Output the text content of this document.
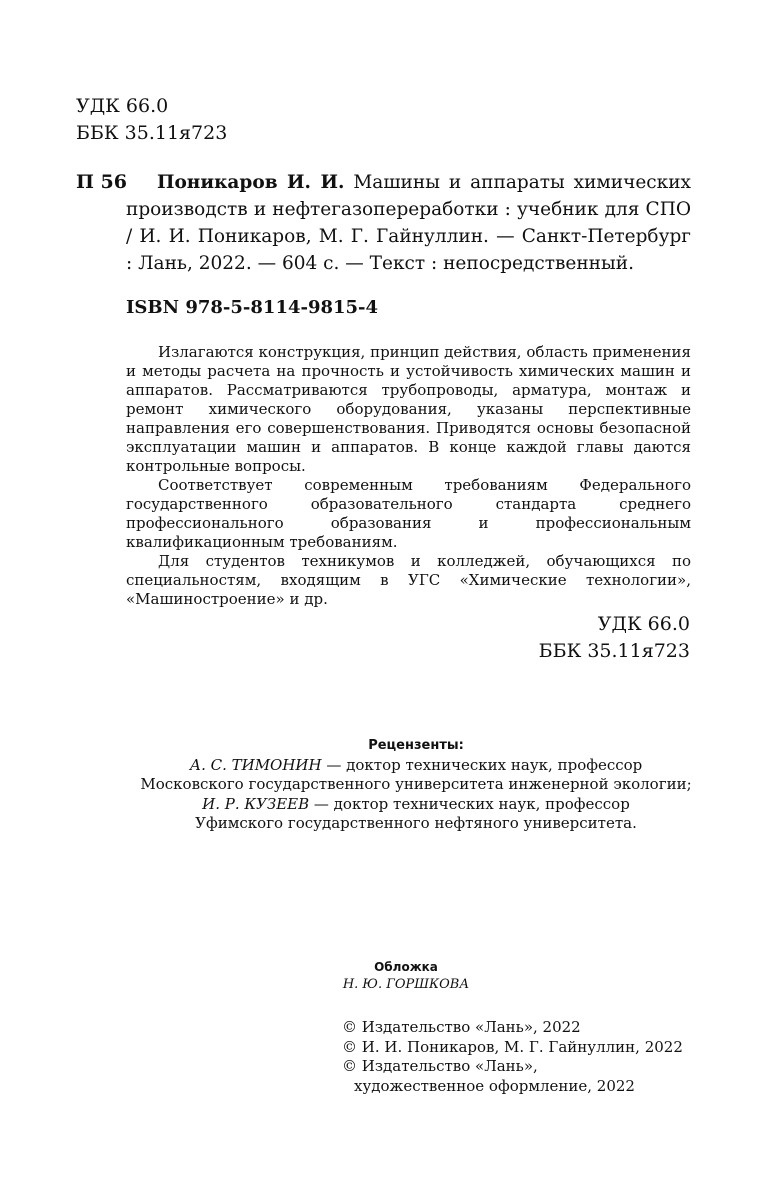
УДК 66.0
ББК 35.11я723
П 56	Поникаров И. И. Машины и аппараты химических производств и нефтегазопереработки : учебник для СПО / И. И. Поникаров, М. Г. Гайнуллин. — Санкт-Петербург : Лань, 2022. — 604 с. — Текст : непосредственный.
ISBN 978-5-8114-9815-4

Излагаются конструкция, принцип действия, область применения и методы расчета на прочность и устойчивость химических машин и аппаратов. Рассматриваются трубопроводы, арматура, монтаж и ремонт химического оборудования, указаны перспективные направления его совершенствования. Приводятся основы безопасной эксплуатации машин и аппаратов. В конце каждой главы даются контрольные вопросы.

Соответствует современным требованиям Федерального государственного образовательного стандарта среднего профессионального образования и профессиональным квалификационным требованиям.

Для студентов техникумов и колледжей, обучающихся по специальностям, входящим в УГС «Химические технологии», «Машиностроение» и др.

УДК 66.0
ББК 35.11я723
Рецензенты:
А. С. ТИМОНИН — доктор технических наук, профессор
Московского государственного университета инженерной экологии;
И. Р. КУЗЕЕВ — доктор технических наук, профессор
Уфимского государственного нефтяного университета.
Обложка
Н. Ю. ГОРШКОВА
© Издательство «Лань», 2022
© И. И. Поникаров, М. Г. Гайнуллин, 2022
© Издательство «Лань»,
художественное оформление, 2022
